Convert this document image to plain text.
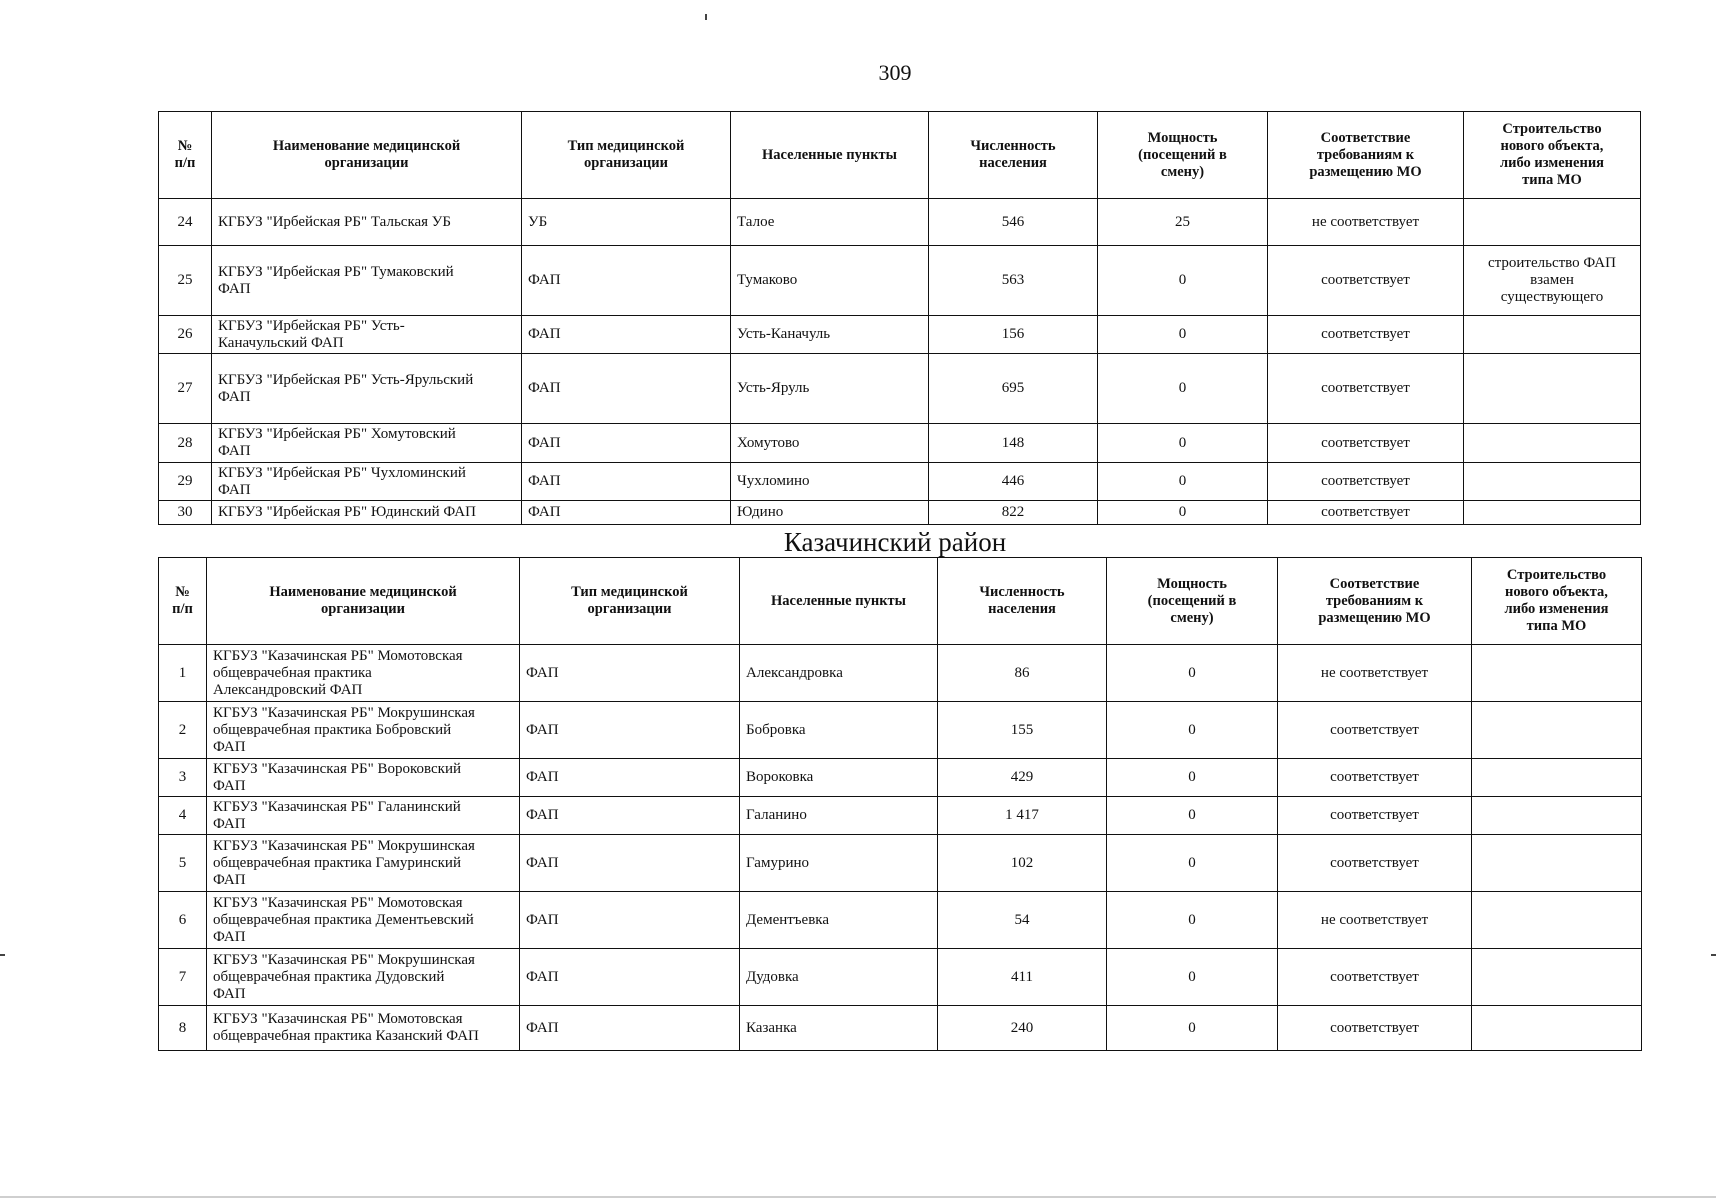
309
№
п/п	Наименование медицинской
организации	Тип медицинской
организации	Населенные пункты	Численность
населения	Мощность
(посещений в
смену)	Соответствие
требованиям к
размещению МО	Строительство
нового объекта,
либо изменения
типа МО
24	КГБУЗ "Ирбейская РБ" Тальская УБ	УБ	Талое	546	25	не соответствует	
25	КГБУЗ "Ирбейская РБ" Тумаковский
ФАП	ФАП	Тумаково	563	0	соответствует	строительство ФАП
взамен
существующего
26	КГБУЗ "Ирбейская РБ" Усть-
Каначульский ФАП	ФАП	Усть-Каначуль	156	0	соответствует	
27	КГБУЗ "Ирбейская РБ" Усть-Ярульский
ФАП	ФАП	Усть-Яруль	695	0	соответствует	
28	КГБУЗ "Ирбейская РБ" Хомутовский
ФАП	ФАП	Хомутово	148	0	соответствует	
29	КГБУЗ "Ирбейская РБ" Чухломинский
ФАП	ФАП	Чухломино	446	0	соответствует	
30	КГБУЗ "Ирбейская РБ" Юдинский ФАП	ФАП	Юдино	822	0	соответствует	
Казачинский район
№
п/п	Наименование медицинской
организации	Тип медицинской
организации	Населенные пункты	Численность
населения	Мощность
(посещений в
смену)	Соответствие
требованиям к
размещению МО	Строительство
нового объекта,
либо изменения
типа МО
1	КГБУЗ "Казачинская РБ" Момотовская
общеврачебная практика
Александровский ФАП	ФАП	Александровка	86	0	не соответствует	
2	КГБУЗ "Казачинская РБ" Мокрушинская
общеврачебная практика Бобровский
ФАП	ФАП	Бобровка	155	0	соответствует	
3	КГБУЗ "Казачинская РБ" Вороковский
ФАП	ФАП	Вороковка	429	0	соответствует	
4	КГБУЗ "Казачинская РБ" Галанинский
ФАП	ФАП	Галанино	1 417	0	соответствует	
5	КГБУЗ "Казачинская РБ" Мокрушинская
общеврачебная практика Гамуринский
ФАП	ФАП	Гамурино	102	0	соответствует	
6	КГБУЗ "Казачинская РБ" Момотовская
общеврачебная практика Дементьевский
ФАП	ФАП	Дементъевка	54	0	не соответствует	
7	КГБУЗ "Казачинская РБ" Мокрушинская
общеврачебная практика Дудовский
ФАП	ФАП	Дудовка	411	0	соответствует	
8	КГБУЗ "Казачинская РБ" Момотовская
общеврачебная практика Казанский ФАП	ФАП	Казанка	240	0	соответствует	
